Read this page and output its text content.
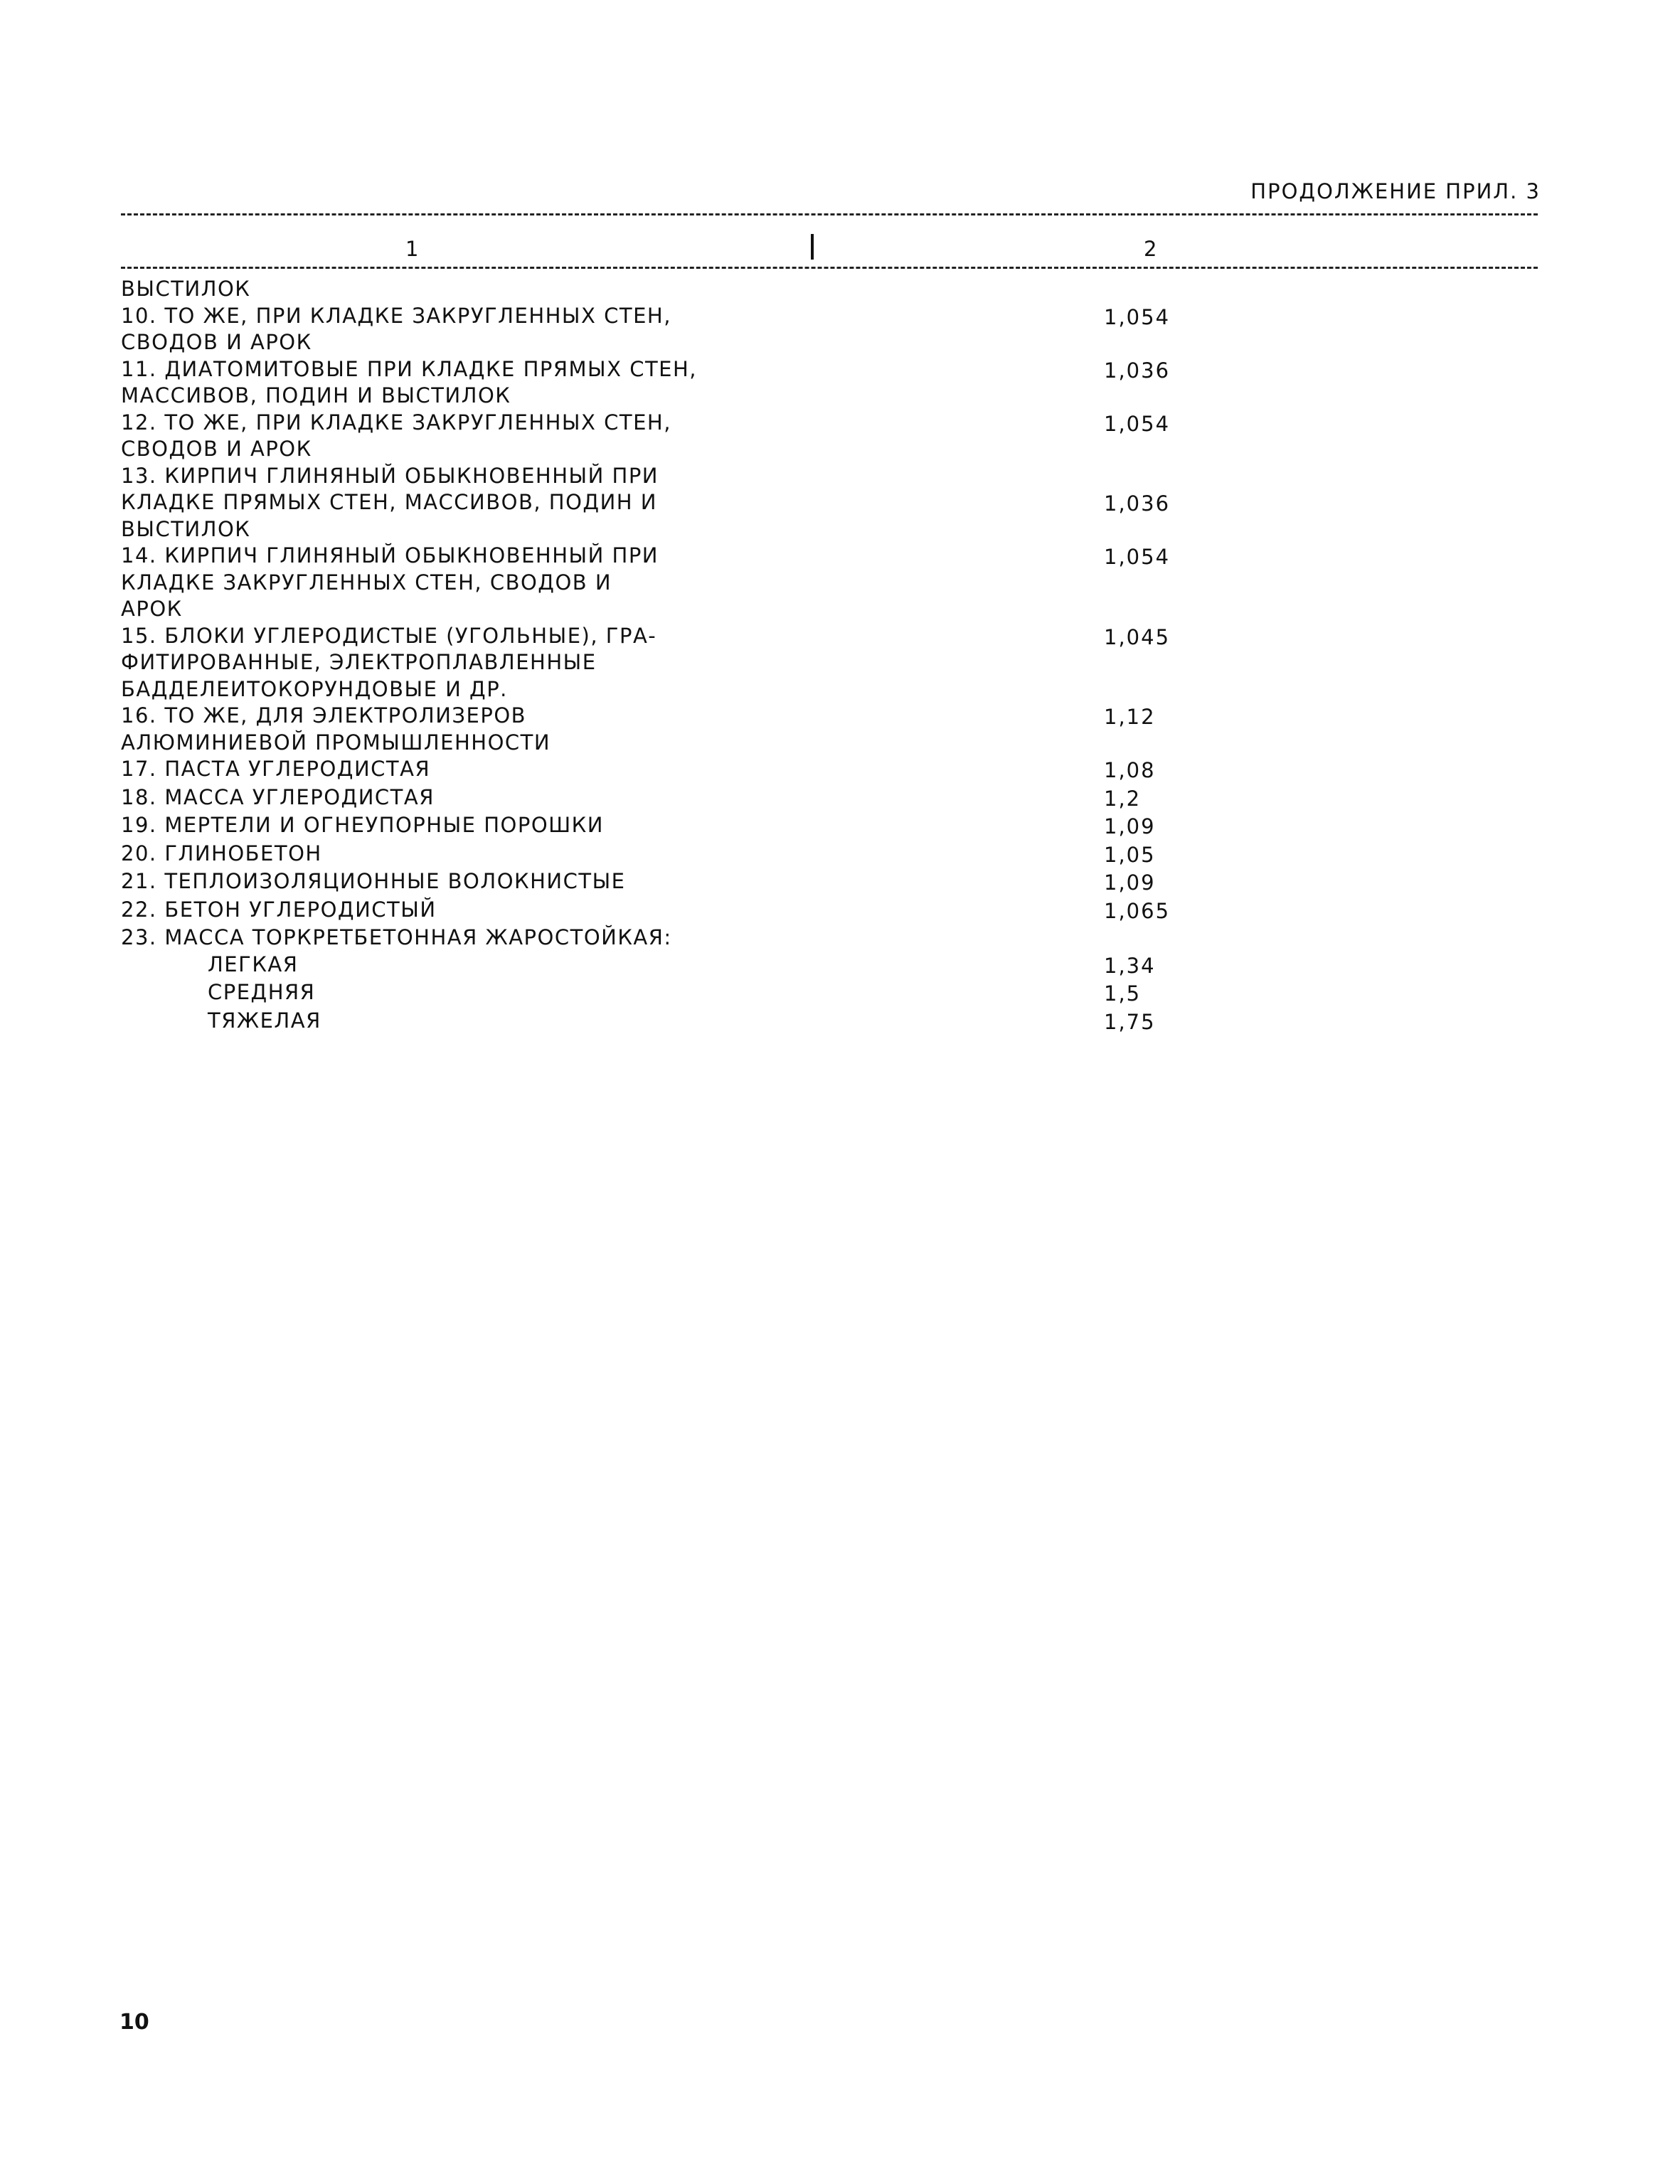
ПРОДОЛЖЕНИЕ ПРИЛ. 3
1	2
ВЫСТИЛОК
10. ТО ЖЕ, ПРИ КЛАДКЕ ЗАКРУГЛЕННЫХ СТЕН,
СВОДОВ И АРОК
1,054
11. ДИАТОМИТОВЫЕ ПРИ КЛАДКЕ ПРЯМЫХ СТЕН,
МАССИВОВ, ПОДИН И ВЫСТИЛОК
1,036
12. ТО ЖЕ, ПРИ КЛАДКЕ ЗАКРУГЛЕННЫХ СТЕН,
СВОДОВ И АРОК
1,054
13. КИРПИЧ ГЛИНЯНЫЙ ОБЫКНОВЕННЫЙ ПРИ
КЛАДКЕ ПРЯМЫХ СТЕН, МАССИВОВ, ПОДИН И
ВЫСТИЛОК
1,036
14. КИРПИЧ ГЛИНЯНЫЙ ОБЫКНОВЕННЫЙ ПРИ
КЛАДКЕ ЗАКРУГЛЕННЫХ СТЕН, СВОДОВ И
АРОК
1,054
15. БЛОКИ УГЛЕРОДИСТЫЕ (УГОЛЬНЫЕ), ГРА-
ФИТИРОВАННЫЕ, ЭЛЕКТРОПЛАВЛЕННЫЕ
БАДДЕЛЕИТОКОРУНДОВЫЕ И ДР.
1,045
16. ТО ЖЕ, ДЛЯ ЭЛЕКТРОЛИЗЕРОВ
АЛЮМИНИЕВОЙ ПРОМЫШЛЕННОСТИ
1,12
17. ПАСТА УГЛЕРОДИСТАЯ	1,08
18. МАССА УГЛЕРОДИСТАЯ	1,2
19. МЕРТЕЛИ И ОГНЕУПОРНЫЕ ПОРОШКИ	1,09
20. ГЛИНОБЕТОН	1,05
21. ТЕПЛОИЗОЛЯЦИОННЫЕ ВОЛОКНИСТЫЕ	1,09
22. БЕТОН УГЛЕРОДИСТЫЙ	1,065
23. МАССА ТОРКРЕТБЕТОННАЯ ЖАРОСТОЙКАЯ:
ЛЕГКАЯ	1,34
СРЕДНЯЯ	1,5
ТЯЖЕЛАЯ	1,75
10
